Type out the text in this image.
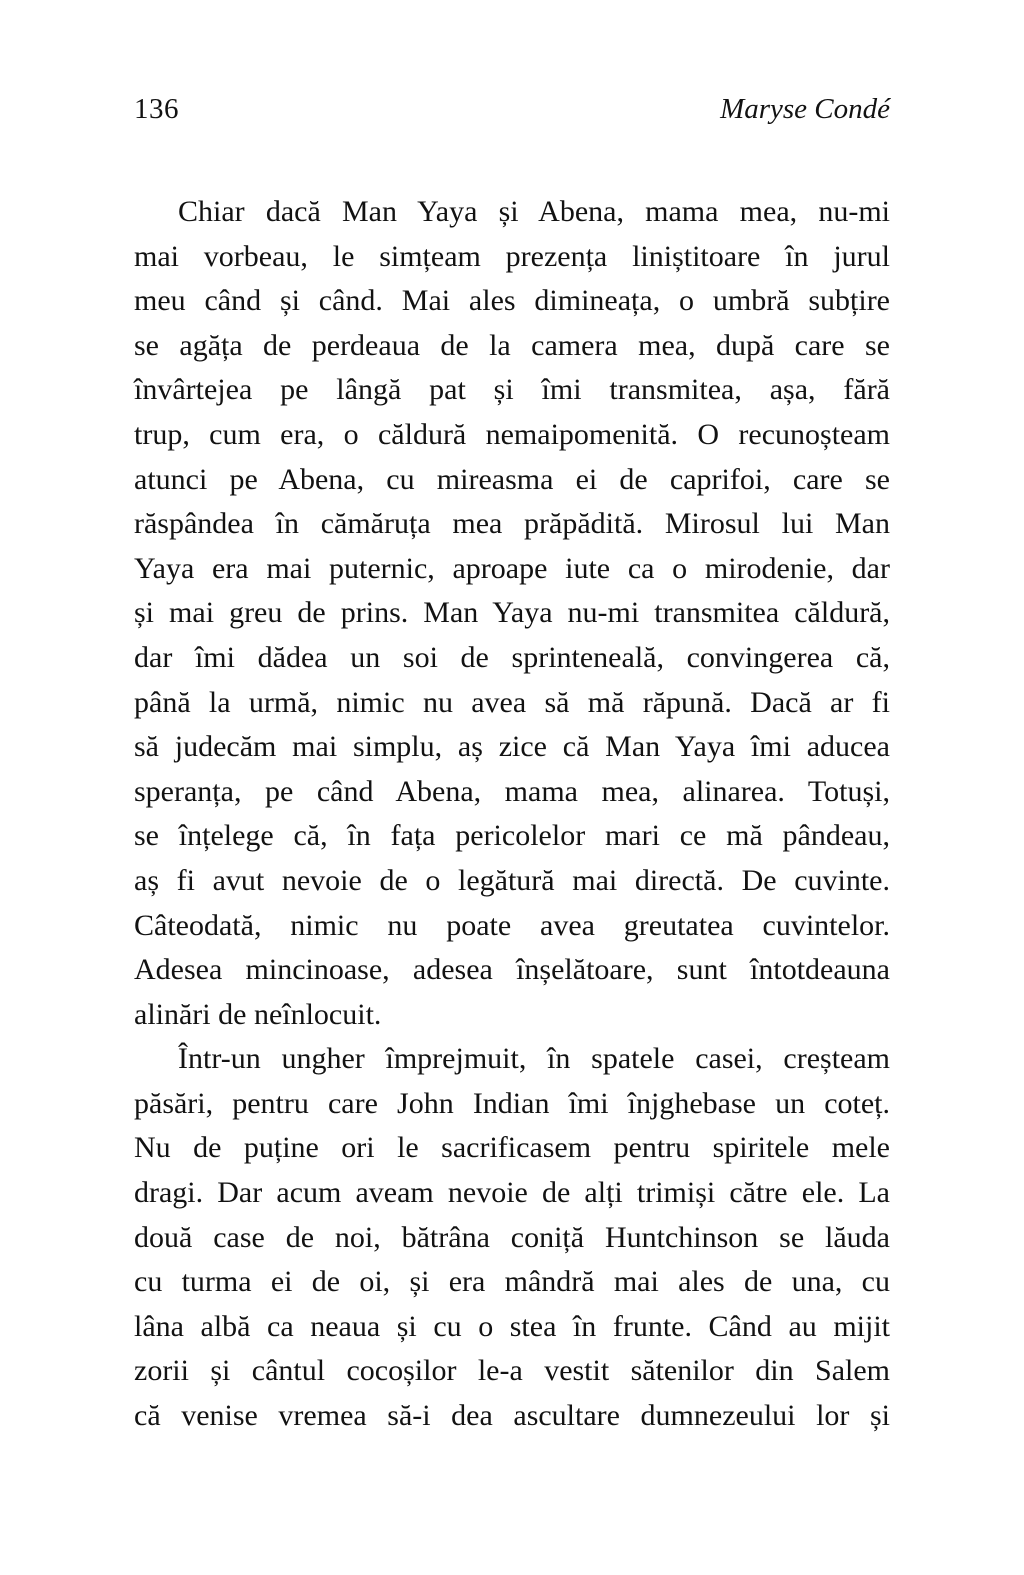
136	Maryse Condé

Chiar dacă Man Yaya și Abena, mama mea, nu-mi
mai vorbeau, le simțeam prezența liniștitoare în jurul
meu când și când. Mai ales dimineața, o umbră subțire
se agăța de perdeaua de la camera mea, după care se
învârtejea pe lângă pat și îmi transmitea, așa, fără
trup, cum era, o căldură nemaipomenită. O recunoșteam
atunci pe Abena, cu mireasma ei de caprifoi, care se
răspândea în cămăruța mea prăpădită. Mirosul lui Man
Yaya era mai puternic, aproape iute ca o mirodenie, dar
și mai greu de prins. Man Yaya nu-mi transmitea căldură,
dar îmi dădea un soi de sprinteneală, convingerea că,
până la urmă, nimic nu avea să mă răpună. Dacă ar fi
să judecăm mai simplu, aș zice că Man Yaya îmi aducea
speranța, pe când Abena, mama mea, alinarea. Totuși,
se înțelege că, în fața pericolelor mari ce mă pândeau,
aș fi avut nevoie de o legătură mai directă. De cuvinte.
Câteodată, nimic nu poate avea greutatea cuvintelor.
Adesea mincinoase, adesea înșelătoare, sunt întotdeauna
alinări de neînlocuit.

Într-un ungher împrejmuit, în spatele casei, creșteam
păsări, pentru care John Indian îmi înjghebase un coteț.
Nu de puține ori le sacrificasem pentru spiritele mele
dragi. Dar acum aveam nevoie de alți trimiși către ele. La
două case de noi, bătrâna coniță Huntchinson se lăuda
cu turma ei de oi, și era mândră mai ales de una, cu
lâna albă ca neaua și cu o stea în frunte. Când au mijit
zorii și cântul cocoșilor le-a vestit sătenilor din Salem
că venise vremea să-i dea ascultare dumnezeului lor și
